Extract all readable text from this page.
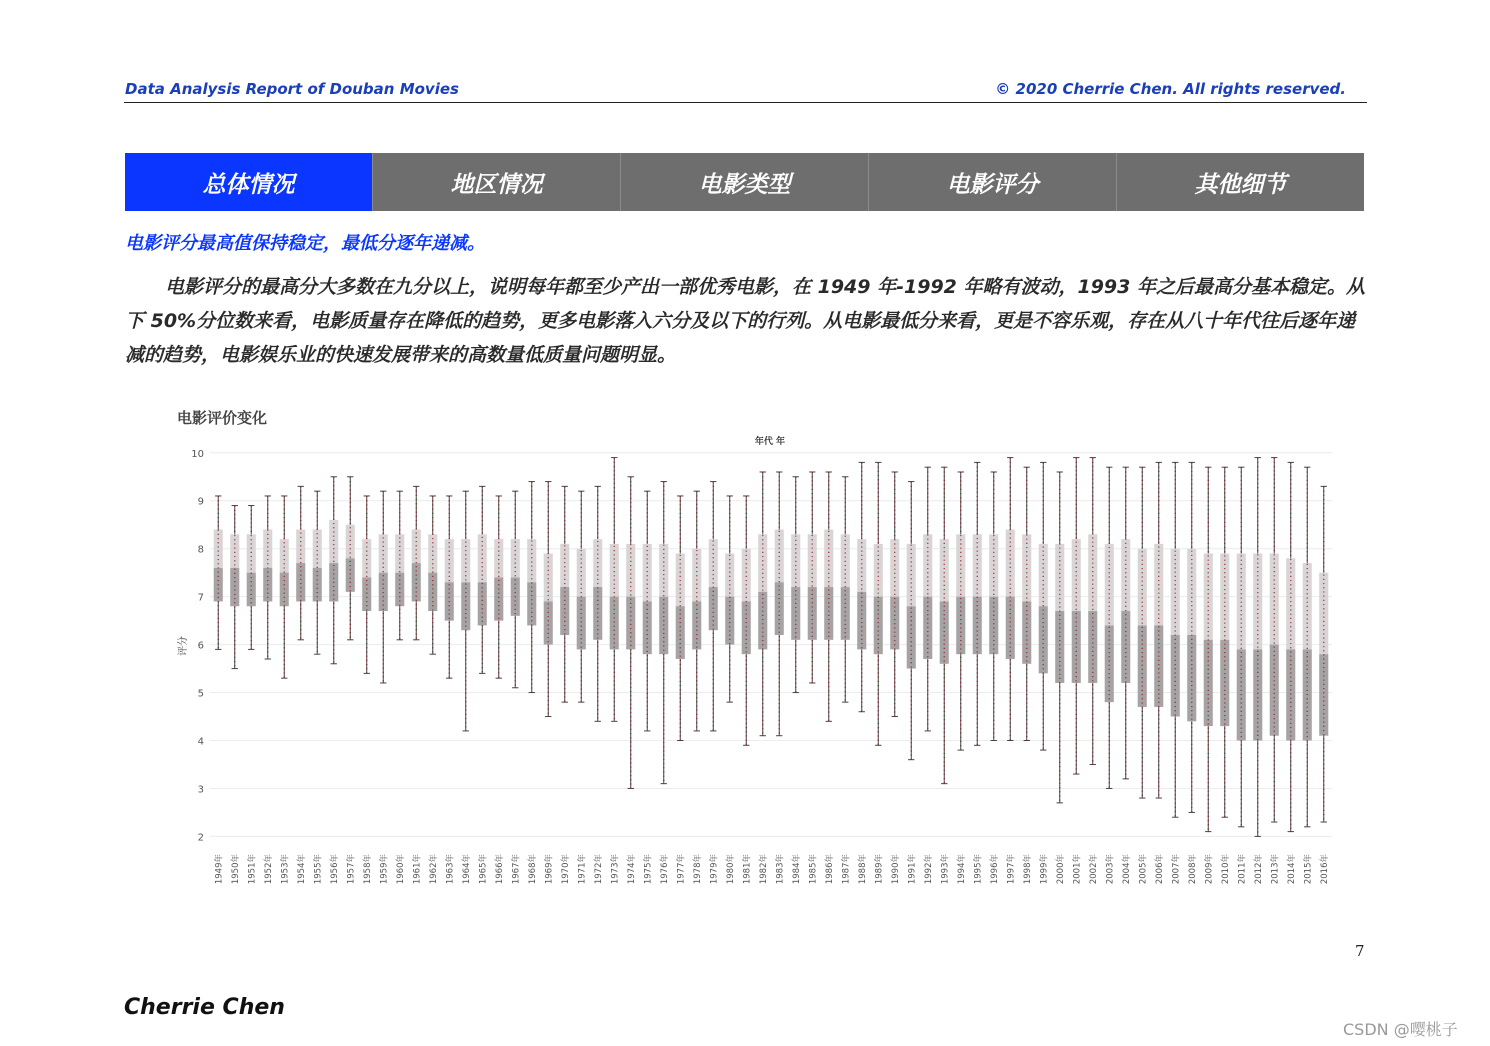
Data Analysis Report of Douban Movies	© 2020 Cherrie Chen. All rights reserved.
总体情况	地区情况	电影类型	电影评分	其他细节
电影评分最高值保持稳定，最低分逐年递减。
电影评分的最高分大多数在九分以上，说明每年都至少产出一部优秀电影，在 1949 年-1992 年略有波动，1993 年之后最高分基本稳定。从下 50%分位数来看，电影质量存在降低的趋势，更多电影落入六分及以下的行列。从电影最低分来看，更是不容乐观，存在从八十年代往后逐年递减的趋势，电影娱乐业的快速发展带来的高数量低质量问题明显。
电影评价变化
2
3
4
5
6
7
8
9
10
年代 年
评分
1949年 1950年 1951年 1952年 1953年 1954年 1955年 1956年 1957年 1958年 1959年 1960年 1961年 1962年 1963年 1964年 1965年 1966年 1967年 1968年 1969年 1970年 1971年 1972年 1973年 1974年 1975年 1976年 1977年 1978年 1979年 1980年 1981年 1982年 1983年 1984年 1985年 1986年 1987年 1988年 1989年 1990年 1991年 1992年 1993年 1994年 1995年 1996年 1997年 1998年 1999年 2000年 2001年 2002年 2003年 2004年 2005年 2006年 2007年 2008年 2009年 2010年 2011年 2012年 2013年 2014年 2015年 2016年
7
Cherrie Chen
CSDN @嘤桃子
